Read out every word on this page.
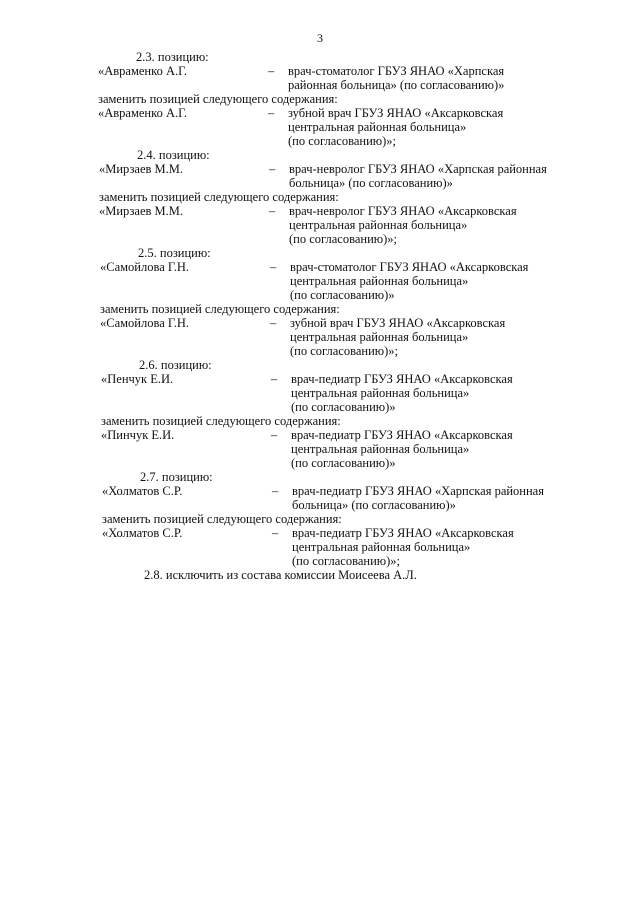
3
2.3. позицию:
«Авраменко А.Г.	–	врач-стоматолог ГБУЗ ЯНАО «Харпская
районная больница» (по согласованию)»
заменить позицией следующего содержания:
«Авраменко А.Г.	–	зубной врач ГБУЗ ЯНАО «Аксарковская
центральная районная больница»
(по согласованию)»;
2.4. позицию:
«Мирзаев М.М.	–	врач-невролог ГБУЗ ЯНАО «Харпская районная
больница» (по согласованию)»
заменить позицией следующего содержания:
«Мирзаев М.М.	–	врач-невролог ГБУЗ ЯНАО «Аксарковская
центральная районная больница»
(по согласованию)»;
2.5. позицию:
«Самойлова Г.Н.	–	врач-стоматолог ГБУЗ ЯНАО «Аксарковская
центральная районная больница»
(по согласованию)»
заменить позицией следующего содержания:
«Самойлова Г.Н.	–	зубной врач ГБУЗ ЯНАО «Аксарковская
центральная районная больница»
(по согласованию)»;
2.6. позицию:
«Пенчук Е.И.	–	врач-педиатр ГБУЗ ЯНАО «Аксарковская
центральная районная больница»
(по согласованию)»
заменить позицией следующего содержания:
«Пинчук Е.И.	–	врач-педиатр ГБУЗ ЯНАО «Аксарковская
центральная районная больница»
(по согласованию)»
2.7. позицию:
«Холматов С.Р.	–	врач-педиатр ГБУЗ ЯНАО «Харпская районная
больница» (по согласованию)»
заменить позицией следующего содержания:
«Холматов С.Р.	–	врач-педиатр ГБУЗ ЯНАО «Аксарковская
центральная районная больница»
(по согласованию)»;
2.8. исключить из состава комиссии Моисеева А.Л.
